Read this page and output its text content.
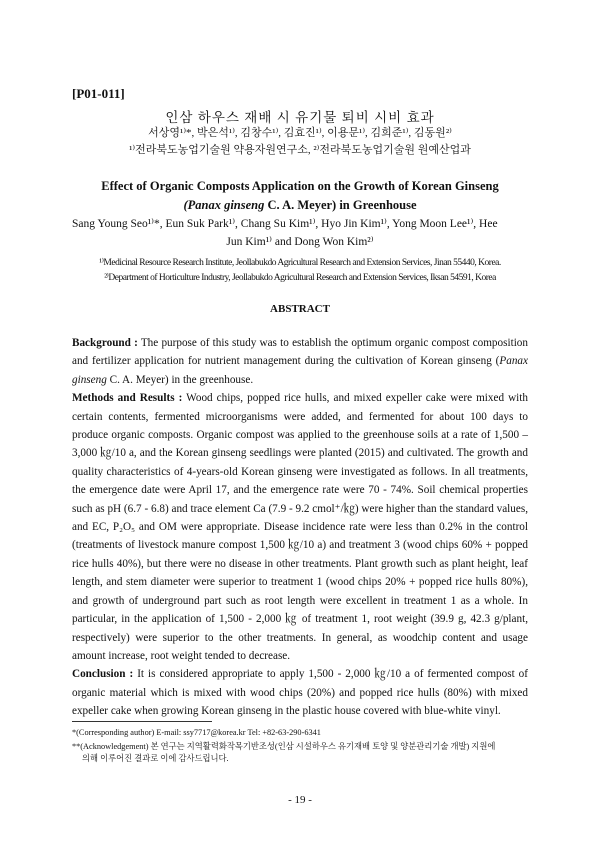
[P01-011]
인삼 하우스 재배 시 유기물 퇴비 시비 효과
서상영¹⁾*, 박은석¹⁾, 김창수¹⁾, 김효진¹⁾, 이용문¹⁾, 김희준¹⁾, 김동원²⁾
¹⁾전라북도농업기술원 약용자원연구소, ²⁾전라북도농업기술원 원예산업과
Effect of Organic Composts Application on the Growth of Korean Ginseng
(Panax ginseng C. A. Meyer) in Greenhouse
Sang Young Seo¹⁾*, Eun Suk Park¹⁾, Chang Su Kim¹⁾, Hyo Jin Kim¹⁾, Yong Moon Lee¹⁾, Hee
Jun Kim¹⁾ and Dong Won Kim²⁾
¹⁾Medicinal Resource Research Institute, Jeollabukdo Agricultural Research and Extension Services, Jinan 55440, Korea.
²⁾Department of Horticulture Industry, Jeollabukdo Agricultural Research and Extension Services, Iksan 54591, Korea
ABSTRACT

Background : The purpose of this study was to establish the optimum organic compost composition and fertilizer application for nutrient management during the cultivation of Korean ginseng (Panax ginseng C. A. Meyer) in the greenhouse.

Methods and Results : Wood chips, popped rice hulls, and mixed expeller cake were mixed with certain contents, fermented microorganisms were added, and fermented for about 100 days to produce organic composts. Organic compost was applied to the greenhouse soils at a rate of 1,500 – 3,000 ㎏/10 a, and the Korean ginseng seedlings were planted (2015) and cultivated. The growth and quality characteristics of 4-years-old Korean ginseng were investigated as follows. In all treatments, the emergence date were April 17, and the emergence rate were 70 - 74%. Soil chemical properties such as pH (6.7 - 6.8) and trace element Ca (7.9 - 9.2 cmol⁺/㎏) were higher than the standard values, and EC, P₂O₅ and OM were appropriate. Disease incidence rate were less than 0.2% in the control (treatments of livestock manure compost 1,500 ㎏/10 a) and treatment 3 (wood chips 60% + popped rice hulls 40%), but there were no disease in other treatments. Plant growth such as plant height, leaf length, and stem diameter were superior to treatment 1 (wood chips 20% + popped rice hulls 80%), and growth of underground part such as root length were excellent in treatment 1 as a whole. In particular, in the application of 1,500 - 2,000 ㎏ of treatment 1, root weight (39.9 g, 42.3 g/plant, respectively) were superior to the other treatments. In general, as woodchip content and usage amount increase, root weight tended to decrease.

Conclusion : It is considered appropriate to apply 1,500 - 2,000 ㎏/10 a of fermented compost of organic material which is mixed with wood chips (20%) and popped rice hulls (80%) with mixed expeller cake when growing Korean ginseng in the plastic house covered with blue-white vinyl.

*(Corresponding author) E-mail: ssy7717@korea.kr Tel: +82-63-290-6341
**(Acknowledgement) 본 연구는 지역활력화작목기반조성(인삼 시설하우스 유기재배 토양 및 양분관리기술 개발) 지원에
의해 이루어진 결과로 이에 감사드립니다.
- 19 -
